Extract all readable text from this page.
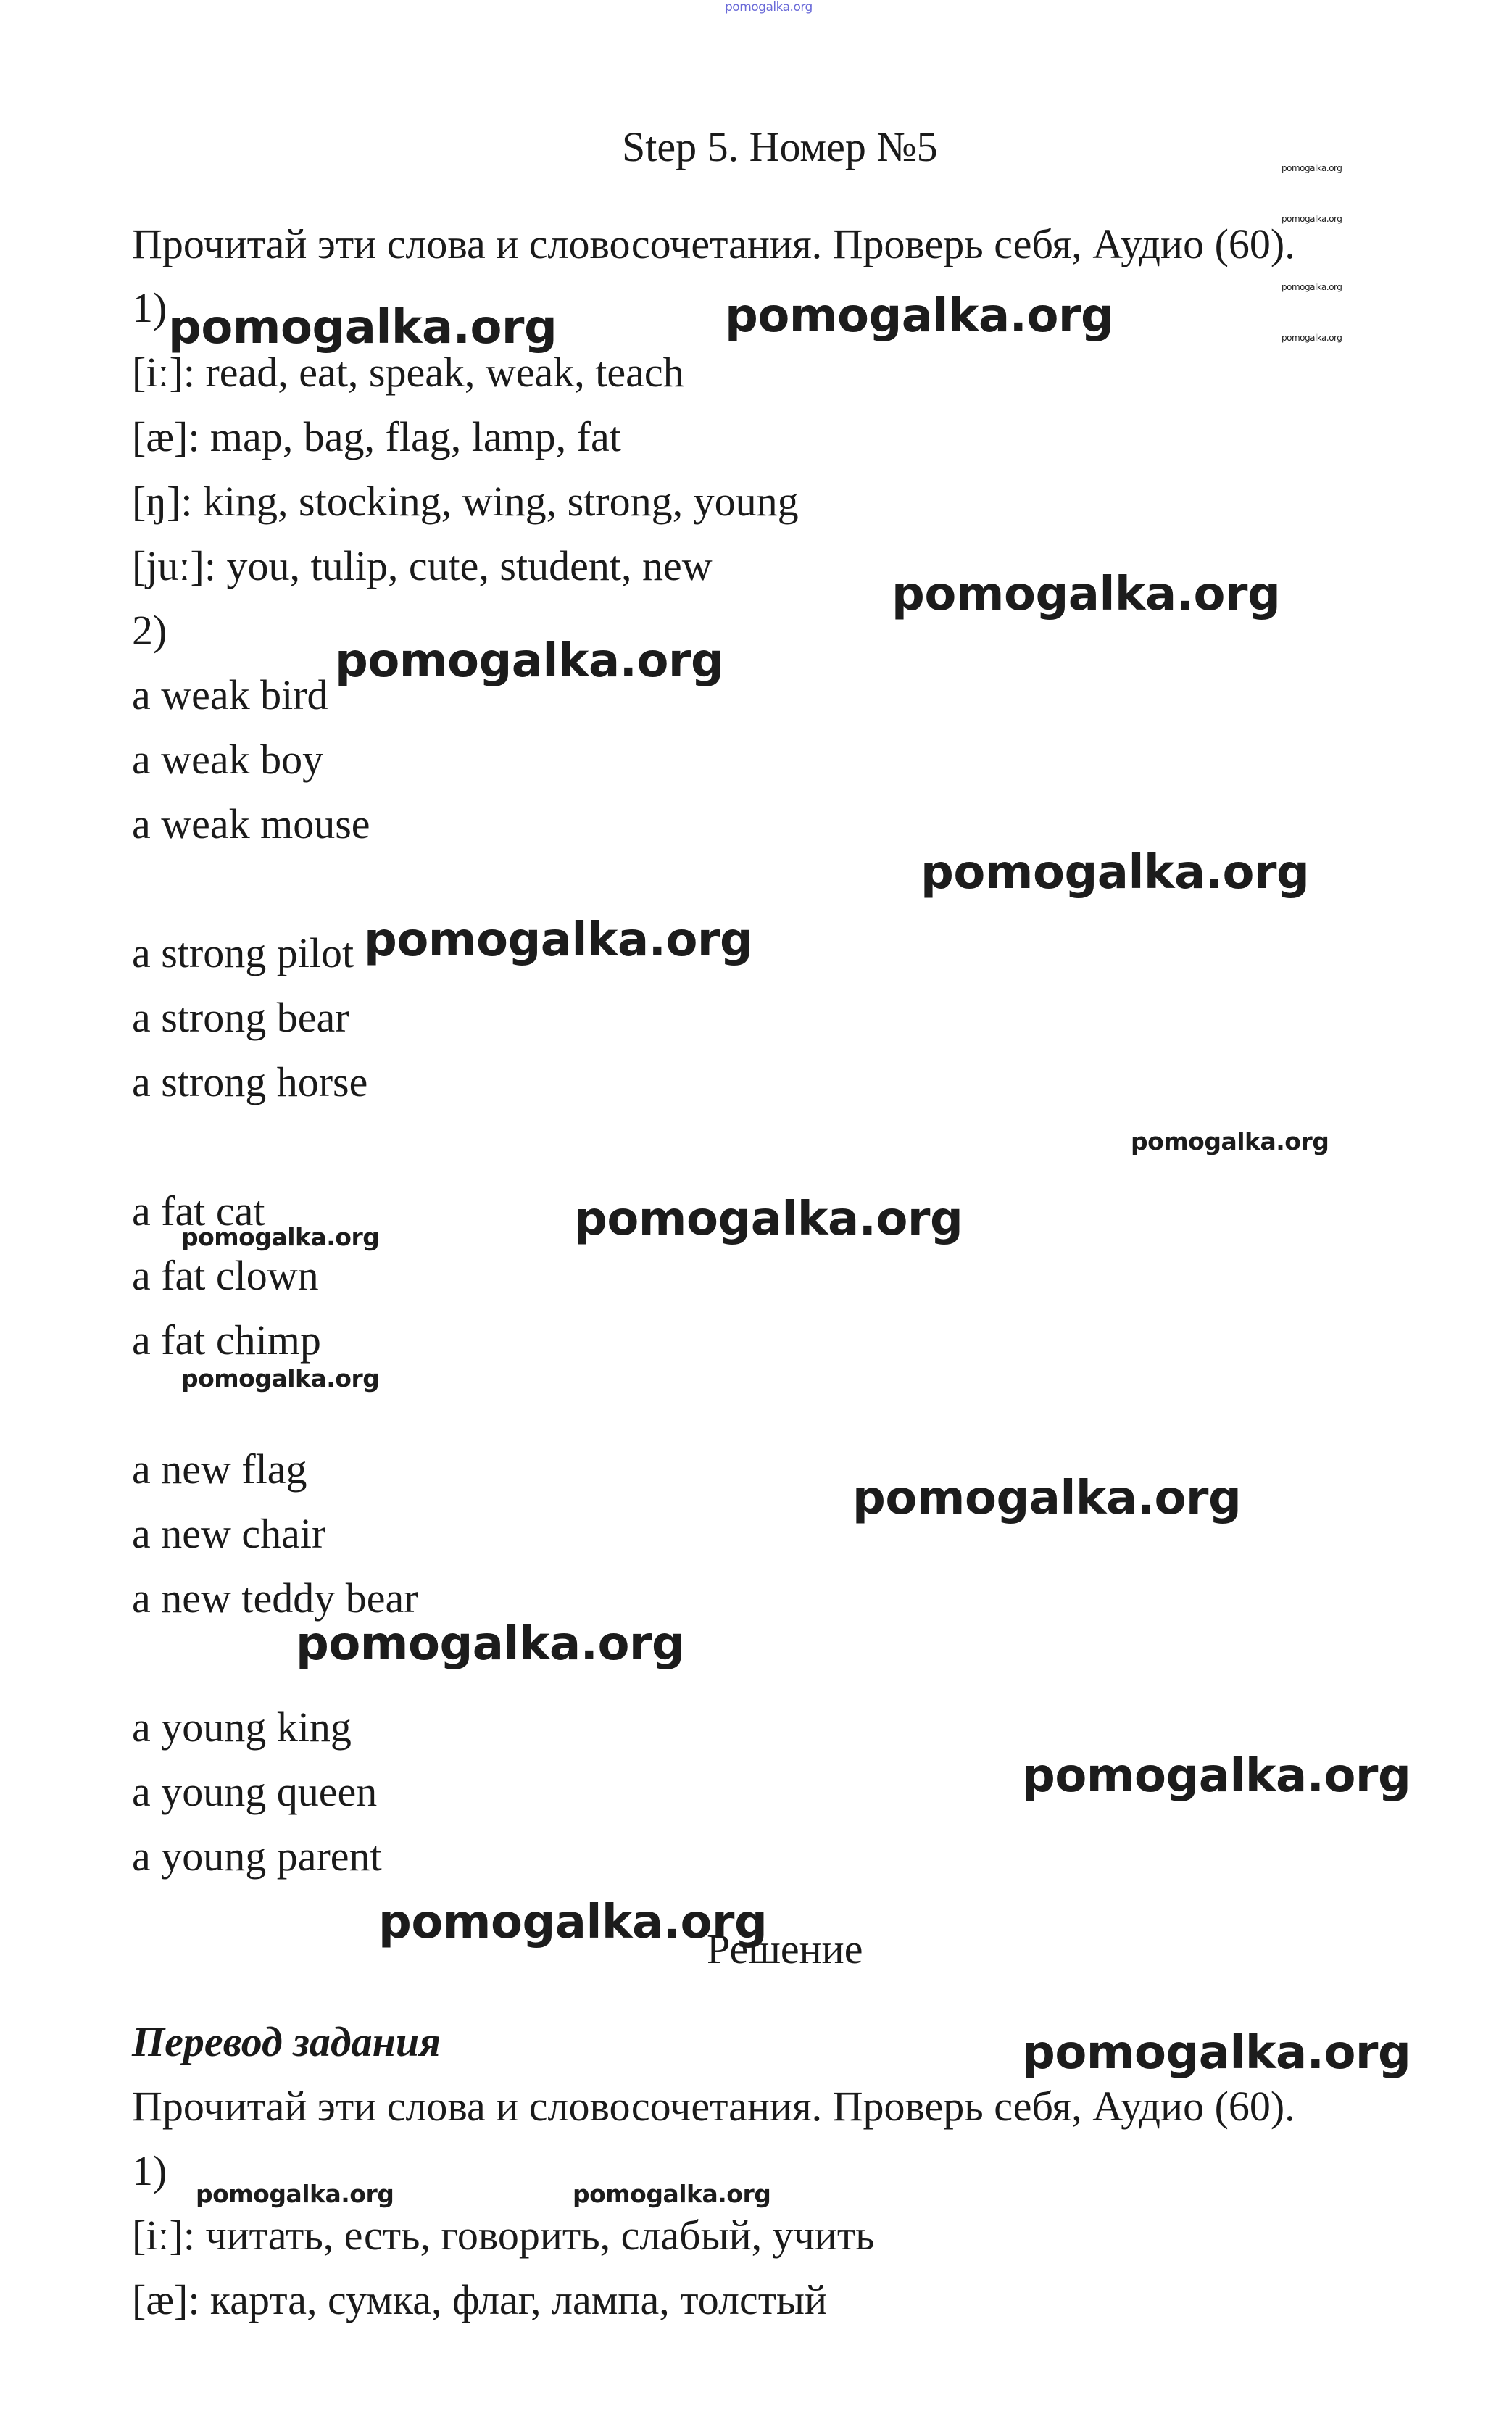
pomogalka.org
Step 5. Номер №5	pomogalka.org
pomogalka.org
pomogalka.org
pomogalka.org
Прочитай эти слова и словосочетания. Проверь себя, Аудио (60).
1) pomogalka.org	pomogalka.org
[iː]: read, eat, speak, weak, teach
[æ]: map, bag, flag, lamp, fat
[ŋ]: king, stocking, wing, strong, young
[juː]: you, tulip, cute, student, new
pomogalka.org
2)
a weak bird
pomogalka.org
a weak boy
a weak mouse
pomogalka.org
a strong pilot pomogalka.org
a strong bear
a strong horse
pomogalka.org
a fat cat
pomogalka.org	pomogalka.org
a fat clown
a fat chimp
pomogalka.org
a new flag
pomogalka.org
a new chair
a new teddy bear
pomogalka.org
a young king
pomogalka.org
a young queen
a young parent
pomogalka.org
Решение
Перевод задания	pomogalka.org
Прочитай эти слова и словосочетания. Проверь себя, Аудио (60).
1) pomogalka.org	pomogalka.org
[iː]: читать, есть, говорить, слабый, учить
[æ]: карта, сумка, флаг, лампа, толстый
